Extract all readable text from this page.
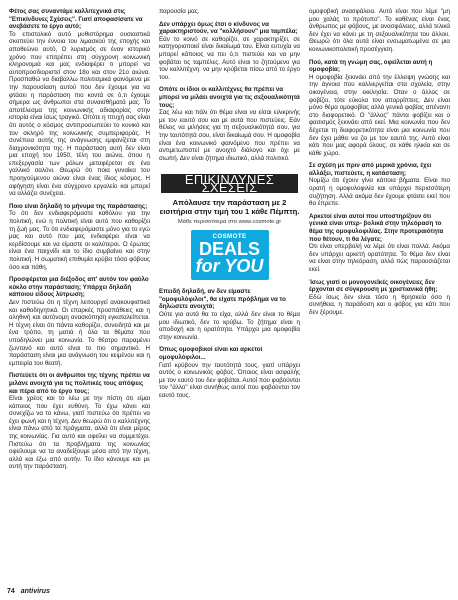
Φέτος σας συναντάμε καλλιτεχνικά στις "Επικίνδυνες Σχέσεις". Γιατί αποφασίσατε να ανεβάσετε το έργο αυτό;
Το επιστολικό αυτό μυθιστόρημα ουσιαστικά σκοπεύει την έννοια του λιμασκού της εποχής και αποθεώνει αυτό, Ο λυρισμός σε έναν ιστορικό χρόνο που επιτρέπει στη σύγχρονη κοινωνική κληρονομιά και μας ενδιαφέρει τι μπορεί να αυτοπροσδιοριστεί στον 18ο και στον 21ο αιώνα. Προσπαθώ να διαβαλλω πολιτισμικά φαινόμενα με την παρουσίαση αυτού που δεν έχουμε για να φτάσει η παράσταση πιο κοντά σε ό,τι έχουμε σήμερα ως άνθρωποι στα συναισθήματά μας. Το αποτέλεσμα της κοινωνικής αδιαφορίας στην ιστορία είναι ίσως τραγικό. Οπότε η πτυχή σας είναι ότι αυτός ο κόσμος αντιπροσωπεύει το κυνικό και τον σκληρό της κοινωνικής συμπεριφοράς. Η συνέπεια αυτής της ανάγνωσης εμφανίζεται στη διαχρονικότητα της. Η παράσταση αυτή δεν είναι μια εποχή του 1950, τέλη του αιώνα, όπου η επεξεργασία των ρόλων μεταφέρεται σε ένα γαλλικό σαλόνι. Θεωρώ ότι ποια γυναίκα του προηγούμενου αιώνα είναι ένας ίδιος κόσμος. Η αφήγηση είναι ένα σύγχρονο εργαλείο και μπορεί να αλλάζει συνέχεια.
Ποιο είναι δηλαδή το μήνυμα της παράστασης;
Το ότι δεν ενδιαφερόμαστε καθόλου για την πολιτική, ενώ η πολιτική είναι αυτό που καθορίζει τη ζωή μας. Το ότι ενδιαφερόμαστε μόνο για το εγώ μας και αυτό που μας ενδιαφέρει είναι να κερδίσουμε και να είμαστε οι καλύτεροι. Ο έρωτας είναι ένα παιχνίδι και το ίδιο συμβαίνει και στην πολιτική. Η σωματική επιθυμία κρύβει τόσο φόβους όσο και πάθη.
Προσφέρεται μια διέξοδος απ' αυτόν τον φαύλο κύκλο στην παράσταση; Υπάρχει δηλαδή κάποιου είδους λύτρωση;
Δεν πιστεύω ότι η τέχνη λειτουργεί ανακουφιστικά και καθοδηγητικά. Οι επαρκές προσπάθειες και η αληθινή και αυτόνομη ανασκόπηση εγκαταλείπεται. Η τέχνη είναι ότι πάντα καθορίζει, συνειδητά και με ένα τρόπο, τη ματιά ή όλα τα θέματα που υποδηλώνει μια κοινωνία. Το θέατρο παραμένει ζωντανό και αυτό είναι το πιο σημαντικό. Η παράσταση είναι μια ανάγνωση του κειμένου και η εμπειρία του θεατή.
Πιστεύετε ότι οι άνθρωποι της τέχνης πρέπει να μιλάνε ανοιχτά για τις πολιτικές τους απόψεις και πέρα από το έργο τους;
Είναι χρέος και το λέω με την πίστη ότι είμαι κάποιος που έχει ευθύνη. Το έχω κάνει και συνεχίζω να το κάνω, γιατί πιστεύω ότι πρέπει να έχει φωνή και η τέχνη. Δεν θεωρώ ότι ο καλλιτέχνης είναι πάνω από τα πράγματα, αλλά ότι είναι μέρος της κοινωνίας. Για αυτό και οφείλει να συμμετέχει. Πιστεύω ότι τα προβλήματα της κοινωνίας οφείλουμε να τα αναδείξουμε μέσα από την τέχνη, αλλά και έξω από αυτήν. Το ίδιο κάνουμε και με αυτή την παράσταση.
παρουσία μας.
Δεν υπάρχει όμως έτσι ο κίνδυνος να χαρακτηριστούν, να "κολλήσουν" μια ταμπέλα;
Εάν το κοινό σε καθορίζει, σε χαρακτηρίζει, σε κατηγοριοποιεί είναι δικαίωμά του. Είναι ευτυχία να μπορεί κάποιος να πει ό,τι πιστεύει και να μην φοβάται τις ταμπέλες. Αυτό είναι το ζητούμενο για τον καλλιτέχνη: να μην κρύβεται πίσω από το έργο του.
Οπότε οι ίδιοι οι καλλιτέχνες θα πρέπει να μπορεί να μιλάει ανοιχτά για τις σεξουαλικότητά τους;
Σας λέω και πάλι ότι θέμα είναι να είσαι ειλικρινής με τον εαυτό σου και με αυτά που πιστεύεις. Εάν θέλεις να μιλήσεις για τη σεξουαλικότητά σου, για την ταυτότητά σου, είναι δικαίωμά σου. Η ομοφοβία είναι ένα κοινωνικό φαινόμενο που πρέπει να αντιμετωπιστεί με ανοιχτό διάλογο και όχι με σιωπή. Δεν είναι ζήτημα ιδιωτικό, αλλά πολιτικό.
ΕΠΙΚΙΝΔΥΝΕΣ ΣΧΕΣΕΙΣ
Απόλαυσε την παράσταση με 2 εισιτήρια στην τιμή του 1 κάθε Πέμπτη.
Μάθε περισσότερα στο www.cosmote.gr
COSMOTE
DEALS
for YOU
Επειδή δηλαδή, αν δεν είμαστε "ομοφυλόφιλοι", θα είχατε πρόβλημα να το δηλώσετε ανοιχτά;
Ούτε για αυτά θα το είχα, αλλά δεν είναι το θέμα μου ιδιωτικό, δεν το κρύβω. Το ζήτημα είναι η αποδοχή και η ορατότητα. Υπάρχει μια ομοφοβία στην κοινωνία.
Όπως ομοφοβικοί είναι και αρκετοί ομοφυλόφιλοι...
Γιατί κρύβουν την ταυτότητά τους, γιατί υπάρχει αυτός ο κοινωνικός φόβος. Όποιος είναι ασφαλής με τον εαυτό του δεν φοβάται. Αυτοί που φοβούνται τον "άλλο" είναι συνήθως αυτοί που φοβούνται τον εαυτό τους.
ομοφοβική ανασφάλεια. Αυτό είναι που λέμε "μη μου χαλάς το πρότυπο". Το καθένας είναι ένας άνθρωπος με φόβους, με ανασφάλειες, αλλά τελικά δεν έχει να κάνει με τη σεξουαλικότητα του άλλου. Θεωρώ ότι όλα αυτά είναι ενσωματωμένα σε μια κοινωνικοπολιτική προσέγγιση.
Πού, κατά τη γνώμη σας, οφείλεται αυτή η ομοφοβία;
Η ομοφοβία ξεκινάει από την έλλειψη γνώσης και την άγνοια που καλλιεργείται στα σχολεία, στην οικογένεια, στην εκκλησία. Όταν ο άλλος σε φοβίζει, τότε εύκολα τον απορρίπτεις. Δεν είναι μόνο θέμα ομοφοβίας αλλά γενικά φοβίας απέναντι στο διαφορετικό. Ο "άλλος" πάντα φοβίζει και ο φασισμός ξεκινάει από εκεί. Μια κοινωνία που δεν δέχεται τη διαφορετικότητα είναι μια κοινωνία που δεν έχει μάθει να ζει με τον εαυτό της. Αυτό είναι κάτι που μας αφορά όλους, σε κάθε ηλικία και σε κάθε χώρο.
Σε σχέση με πριν από μερικά χρόνια, έχει αλλάξει, πιστεύετε, η κατάσταση;
Νομίζω ότι έχουν γίνει κάποια βήματα. Είναι πιο ορατή η ομοφυλοφιλία και υπάρχει περισσότερη συζήτηση. Αλλά ακόμα δεν έχουμε φτάσει εκεί που θα έπρεπε.
Αρκετοί είναι αυτοί που υποστηρίζουν ότι γενικά είναι υπερ- βολικά στην τηλεόραση το θέμα της ομοφυλοφιλίας. Στην προτεραιότητα που θέτουν, τι θα λέγατε;
Ότι είναι υπερβολή να λέμε ότι είναι πολλά. Ακόμα δεν υπάρχει αρκετή ορατότητα. Το θέμα δεν είναι να είναι στην τηλεόραση, αλλά πώς παρουσιάζεται εκεί.
Ίσως γιατί οι μονογονεϊκές οικογένειες δεν έρχονται σε σύγκρουση με χριστιανικά ήθη;
Εδώ ίσως δεν είναι τόσο η θρησκεία όσο η συνήθεια, η παράδοση και ο φόβος για κάτι που δεν ξέρουμε.
74 antivirus
